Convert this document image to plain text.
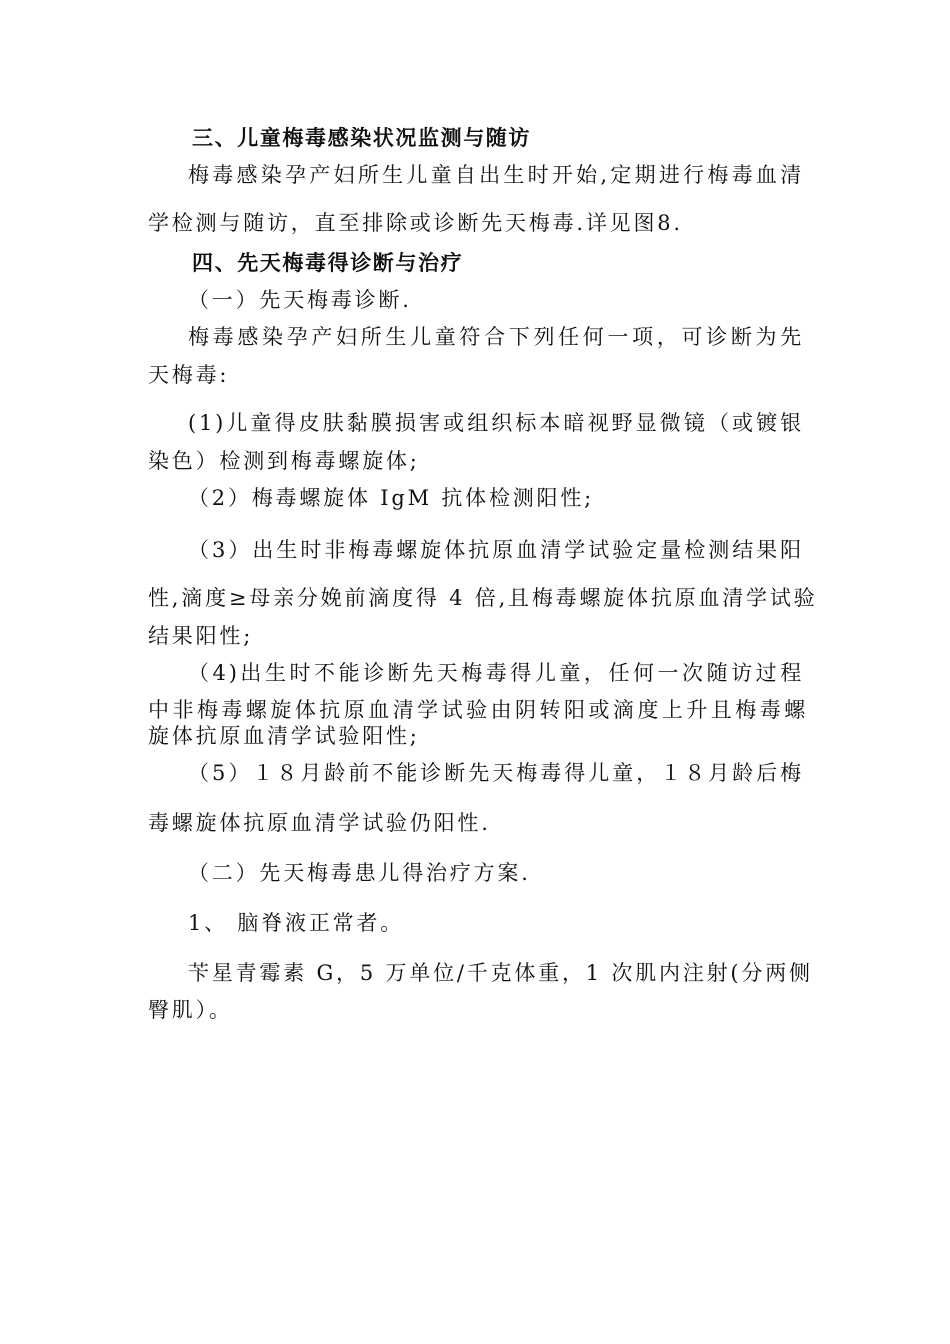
三、儿童梅毒感染状况监测与随访
梅毒感染孕产妇所生儿童自出生时开始,定期进行梅毒血清
学检测与随访，直至排除或诊断先天梅毒.详见图8.
四、先天梅毒得诊断与治疗
（一）先天梅毒诊断.
梅毒感染孕产妇所生儿童符合下列任何一项，可诊断为先
天梅毒:
(1)儿童得皮肤黏膜损害或组织标本暗视野显微镜（或镀银
染色）检测到梅毒螺旋体;
（2）梅毒螺旋体 IgM 抗体检测阳性;
（3）出生时非梅毒螺旋体抗原血清学试验定量检测结果阳
性,滴度≥母亲分娩前滴度得 4 倍,且梅毒螺旋体抗原血清学试验
结果阳性;
（4)出生时不能诊断先天梅毒得儿童，任何一次随访过程
中非梅毒螺旋体抗原血清学试验由阴转阳或滴度上升且梅毒螺
旋体抗原血清学试验阳性;
（5）１８月龄前不能诊断先天梅毒得儿童，１８月龄后梅
毒螺旋体抗原血清学试验仍阳性.
（二）先天梅毒患儿得治疗方案.
1、 脑脊液正常者。
苄星青霉素 G，5 万单位/千克体重，1 次肌内注射(分两侧
臀肌）。
